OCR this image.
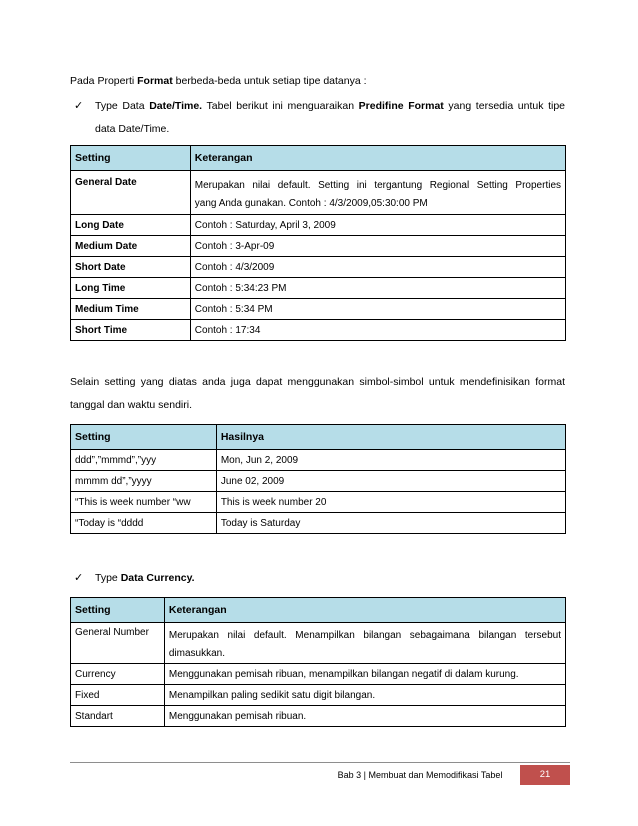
Pada Properti Format berbeda-beda untuk setiap tipe datanya :
✓ Type Data Date/Time. Tabel berikut ini menguaraikan Predifine Format yang tersedia untuk tipe
data Date/Time.
Setting	Keterangan
General Date	Merupakan nilai default. Setting ini tergantung Regional Setting Properties
yang Anda gunakan. Contoh : 4/3/2009,05:30:00 PM

Long Date	Contoh : Saturday, April 3, 2009
Medium Date	Contoh : 3-Apr-09
Short Date	Contoh : 4/3/2009
Long Time	Contoh : 5:34:23 PM
Medium Time	Contoh : 5:34 PM
Short Time	Contoh : 17:34
Selain setting yang diatas anda juga dapat menggunakan simbol-simbol untuk mendefinisikan format
tanggal dan waktu sendiri.
Setting	Hasilnya
ddd”,”mmmd”,”yyy	Mon, Jun 2, 2009
mmmm dd”,”yyyy	June 02, 2009
“This is week number “ww	This is week number 20
“Today is “dddd	Today is Saturday
✓ Type Data Currency.
Setting	Keterangan
General Number	Merupakan nilai default. Menampilkan bilangan sebagaimana bilangan tersebut
dimasukkan.

Currency	Menggunakan pemisah ribuan, menampilkan bilangan negatif di dalam kurung.
Fixed	Menampilkan paling sedikit satu digit bilangan.
Standart	Menggunakan pemisah ribuan.
Bab 3 | Membuat dan Memodifikasi Tabel	21
